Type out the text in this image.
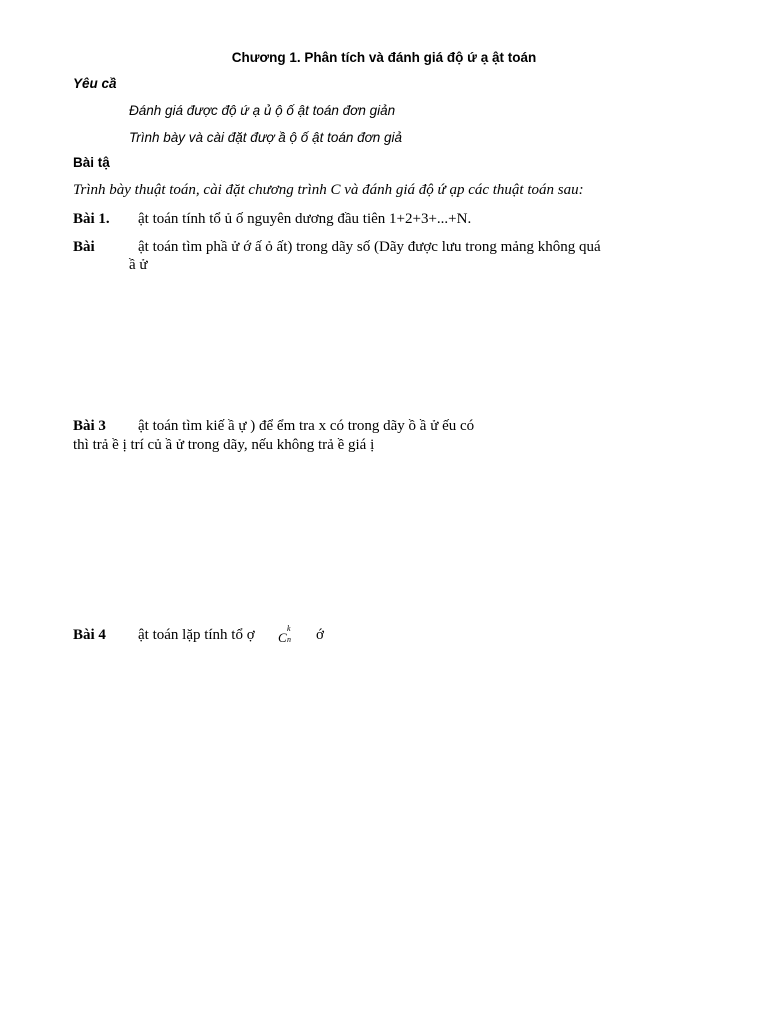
Chương 1. Phân tích và đánh giá độ ứ ạ ật toán
Yêu cầ
Đánh giá được độ ứ ạ ủ ộ ố ật toán đơn giản
Trình bày và cài đặt đượ ầ ộ ố ật toán đơn giả
Bài tậ
Trình bày thuật toán, cài đặt chương trình C và đánh giá độ ứ ạp các thuật toán sau:
Bài 1. ật toán tính tổ ủ ố nguyên dương đầu tiên 1+2+3+...+N.
Bài	ật toán tìm phầ ử ớ ấ ỏ ất) trong dãy số (Dãy được lưu trong mảng không quá
ầ ử
Bài 3 ật toán tìm kiế ầ ự ) để ểm tra x có trong dãy ồ ầ ử ếu có
thì trả ề ị trí củ ầ ử trong dãy, nếu không trả ề giá ị
Bài 4 ật toán lặp tính tổ ợ C
k
n ớ
